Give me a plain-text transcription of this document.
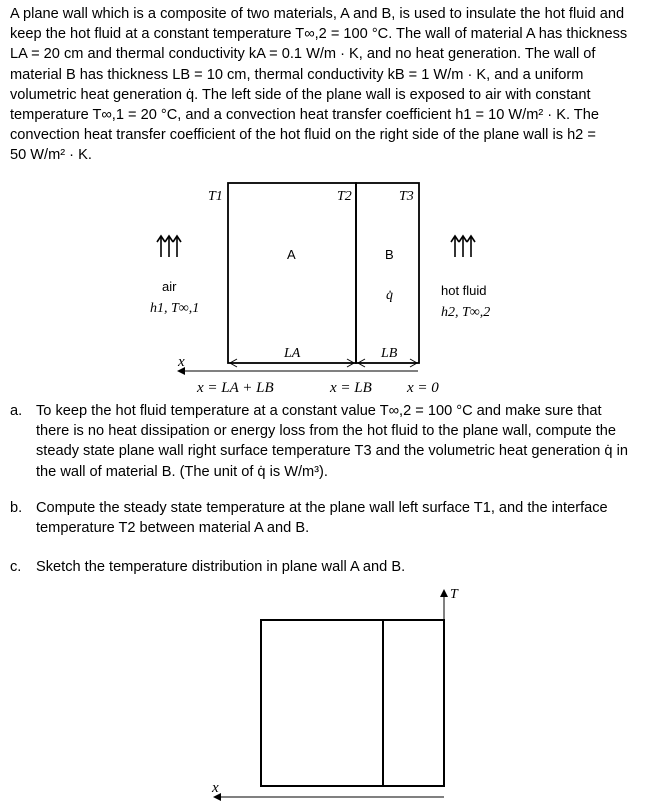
A plane wall which is a composite of two materials, A and B, is used to insulate the hot fluid and
keep the hot fluid at a constant temperature T∞,2 = 100 °C. The wall of material A has thickness
LA = 20 cm and thermal conductivity kA = 0.1 W/m · K, and no heat generation. The wall of
material B has thickness LB = 10 cm, thermal conductivity kB = 1 W/m · K, and a uniform
volumetric heat generation q̇. The left side of the plane wall is exposed to air with constant
temperature T∞,1 = 20 °C, and a convection heat transfer coefficient h1 = 10 W/m² · K. The
convection heat transfer coefficient of the hot fluid on the right side of the plane wall is h2 =
50 W/m² · K.
T1	T2	T3
A	B
q̇
air
h1, T∞,1
hot fluid
h2, T∞,2
LA	LB
x
x = LA + LB	x = LB x = 0
a. To keep the hot fluid temperature at a constant value T∞,2 = 100 °C and make sure that
there is no heat dissipation or energy loss from the hot fluid to the plane wall, compute the
steady state plane wall right surface temperature T3 and the volumetric heat generation q̇ in
the wall of material B. (The unit of q̇ is W/m³).
b. Compute the steady state temperature at the plane wall left surface T1, and the interface
temperature T2 between material A and B.
c. Sketch the temperature distribution in plane wall A and B.
T
x
